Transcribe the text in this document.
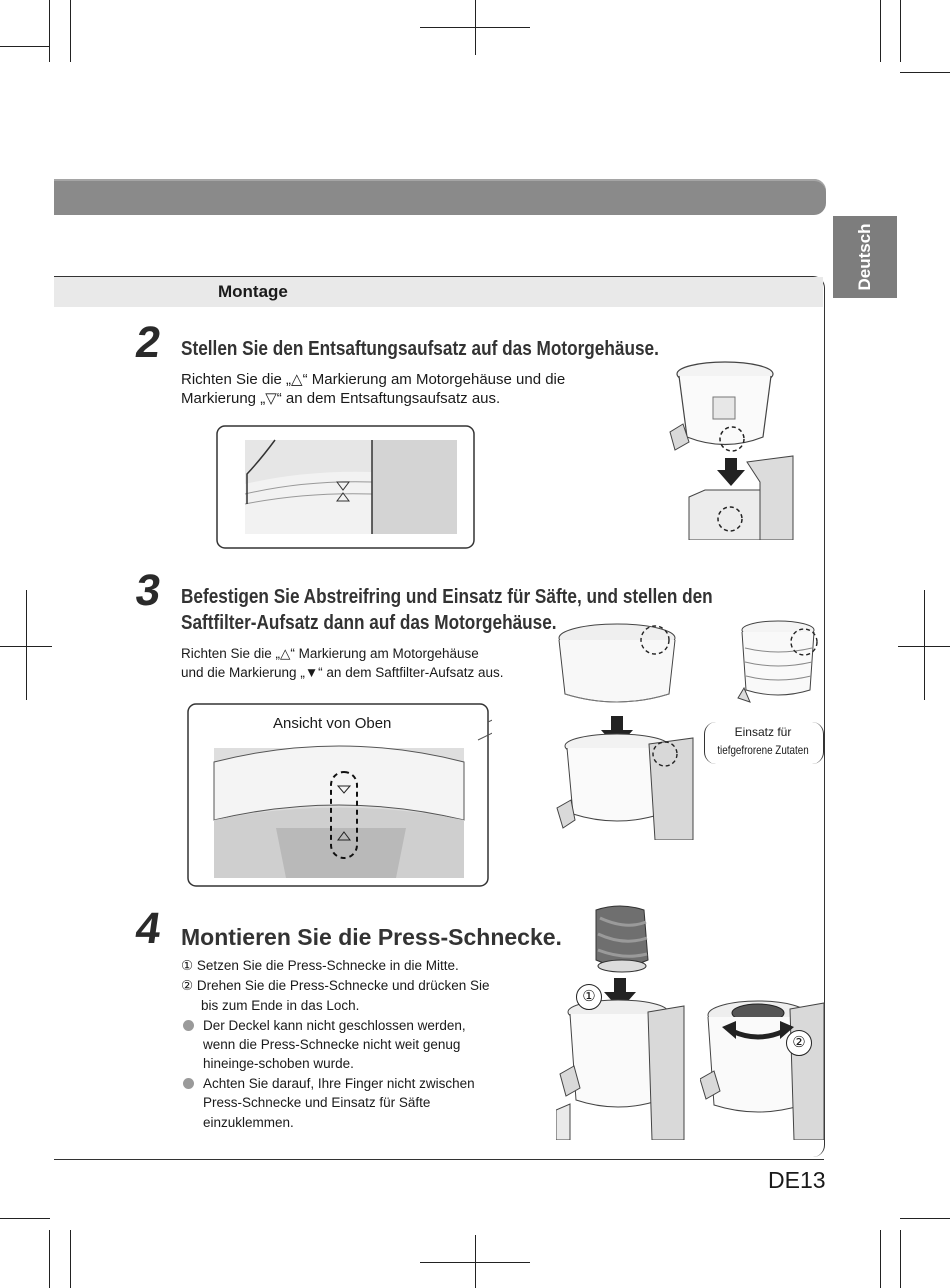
Deutsch
Montage
2 Stellen Sie den Entsaftungsaufsatz auf das Motorgehäuse.
Richten Sie die „△“ Markierung am Motorgehäuse und die
Markierung „▽“ an dem Entsaftungsaufsatz aus.
3 Befestigen Sie Abstreifring und Einsatz für Säfte, und stellen den
Saftfilter-Aufsatz dann auf das Motorgehäuse.
Richten Sie die „△“ Markierung am Motorgehäuse
und die Markierung „▼“ an dem Saftfilter-Aufsatz aus.
Ansicht von Oben	Einsatz für
tiefgefrorene Zutaten
4 Montieren Sie die Press-Schnecke.
① Setzen Sie die Press-Schnecke in die Mitte.
② Drehen Sie die Press-Schnecke und drücken Sie
bis zum Ende in das Loch.
Der Deckel kann nicht geschlossen werden,
wenn die Press-Schnecke nicht weit genug
hineinge-schoben wurde.
Achten Sie darauf, Ihre Finger nicht zwischen
Press-Schnecke und Einsatz für Säfte
einzuklemmen.
①
②
DE13
